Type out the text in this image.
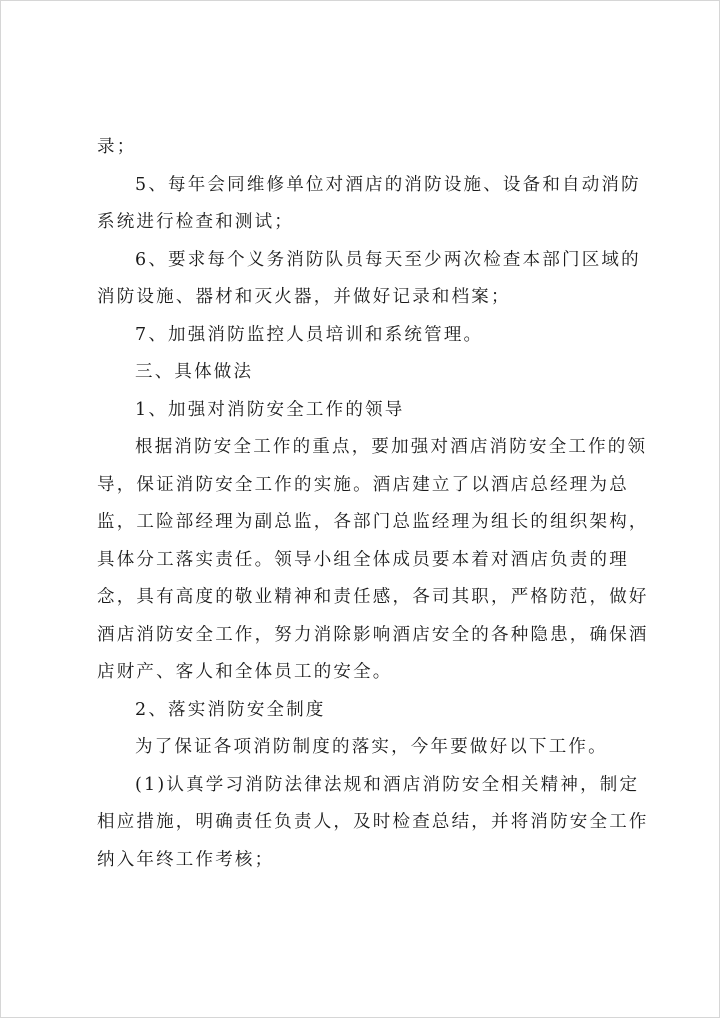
录；
5、每年会同维修单位对酒店的消防设施、设备和自动消防
系统进行检查和测试；
6、要求每个义务消防队员每天至少两次检查本部门区域的
消防设施、器材和灭火器，并做好记录和档案；
7、加强消防监控人员培训和系统管理。
三、具体做法
1、加强对消防安全工作的领导
根据消防安全工作的重点，要加强对酒店消防安全工作的领
导，保证消防安全工作的实施。酒店建立了以酒店总经理为总
监，工险部经理为副总监，各部门总监经理为组长的组织架构，
具体分工落实责任。领导小组全体成员要本着对酒店负责的理
念，具有高度的敬业精神和责任感，各司其职，严格防范，做好
酒店消防安全工作，努力消除影响酒店安全的各种隐患，确保酒
店财产、客人和全体员工的安全。
2、落实消防安全制度
为了保证各项消防制度的落实，今年要做好以下工作。
(1)认真学习消防法律法规和酒店消防安全相关精神，制定
相应措施，明确责任负责人，及时检查总结，并将消防安全工作
纳入年终工作考核；
